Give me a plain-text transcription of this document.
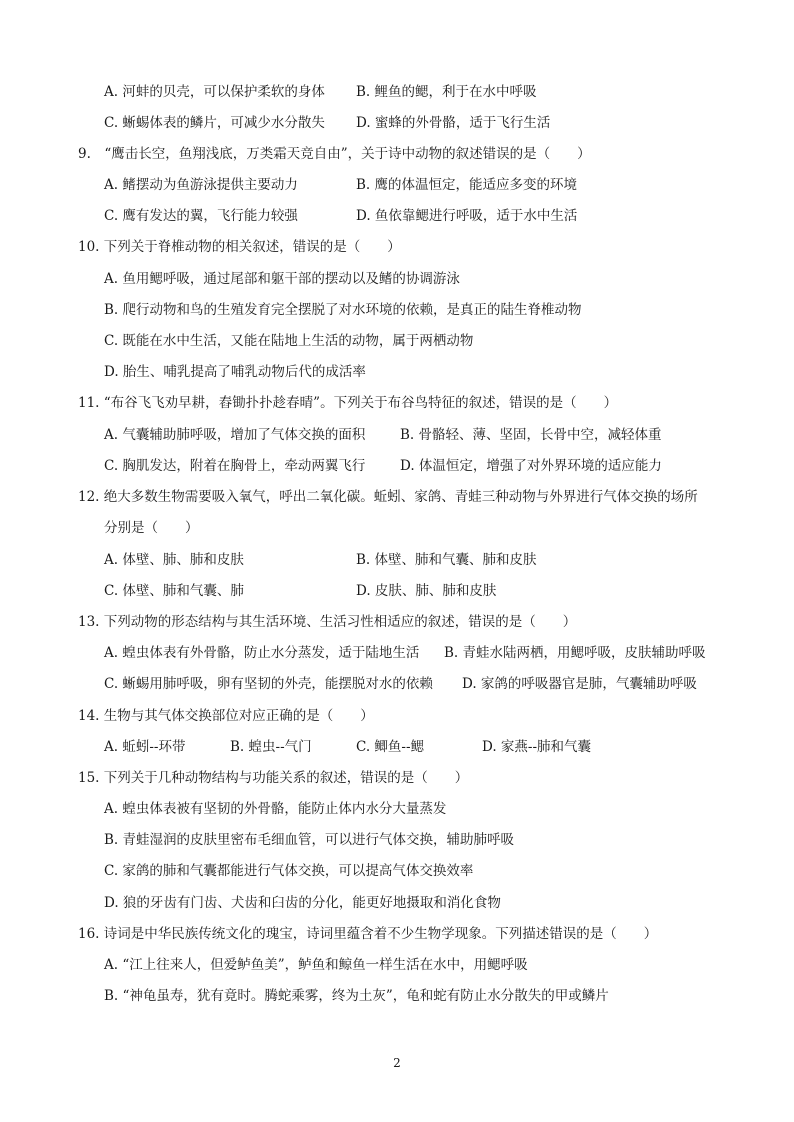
A. 河蚌的贝壳，可以保护柔软的身体 B. 鲤鱼的鳃，利于在水中呼吸
C. 蜥蜴体表的鳞片，可减少水分散失 D. 蜜蜂的外骨骼，适于飞行生活
9.　“鹰击长空，鱼翔浅底，万类霜天竞自由”，关于诗中动物的叙述错误的是（　　）
A. 鳍摆动为鱼游泳提供主要动力	B. 鹰的体温恒定，能适应多变的环境
C. 鹰有发达的翼，飞行能力较强	D. 鱼依靠鳃进行呼吸，适于水中生活
10. 下列关于脊椎动物的相关叙述，错误的是（　　）
A. 鱼用鳃呼吸，通过尾部和躯干部的摆动以及鳍的协调游泳
B. 爬行动物和鸟的生殖发育完全摆脱了对水环境的依赖，是真正的陆生脊椎动物
C. 既能在水中生活，又能在陆地上生活的动物，属于两栖动物
D. 胎生、哺乳提高了哺乳动物后代的成活率
11. “布谷飞飞劝早耕，舂锄扑扑趁春晴”。下列关于布谷鸟特征的叙述，错误的是（　　）
A. 气囊辅助肺呼吸，增加了气体交换的面积	B. 骨骼轻、薄、坚固，长骨中空，减轻体重
C. 胸肌发达，附着在胸骨上，牵动两翼飞行	D. 体温恒定，增强了对外界环境的适应能力
12. 绝大多数生物需要吸入氧气，呼出二氧化碳。蚯蚓、家鸽、青蛙三种动物与外界进行气体交换的场所
分别是（　　）
A. 体壁、肺、肺和皮肤	B. 体壁、肺和气囊、肺和皮肤
C. 体壁、肺和气囊、肺	D. 皮肤、肺、肺和皮肤
13. 下列动物的形态结构与其生活环境、生活习性相适应的叙述，错误的是（　　）
A. 蝗虫体表有外骨骼，防止水分蒸发，适于陆地生活 B. 青蛙水陆两栖，用鳃呼吸，皮肤辅助呼吸
C. 蜥蜴用肺呼吸，卵有坚韧的外壳，能摆脱对水的依赖 D. 家鸽的呼吸器官是肺，气囊辅助呼吸
14. 生物与其气体交换部位对应正确的是（　　）
A. 蚯蚓--环带	B. 蝗虫--气门	C. 鲫鱼--鳃	D. 家燕--肺和气囊
15. 下列关于几种动物结构与功能关系的叙述，错误的是（　　）
A. 蝗虫体表被有坚韧的外骨骼，能防止体内水分大量蒸发
B. 青蛙湿润的皮肤里密布毛细血管，可以进行气体交换，辅助肺呼吸
C. 家鸽的肺和气囊都能进行气体交换，可以提高气体交换效率
D. 狼的牙齿有门齿、犬齿和臼齿的分化，能更好地摄取和消化食物
16. 诗词是中华民族传统文化的瑰宝，诗词里蕴含着不少生物学现象。下列描述错误的是（　　）
A. “江上往来人，但爱鲈鱼美”，鲈鱼和鲸鱼一样生活在水中，用鳃呼吸
B. “神龟虽寿，犹有竟时。腾蛇乘雾，终为土灰”，龟和蛇有防止水分散失的甲或鳞片
2
